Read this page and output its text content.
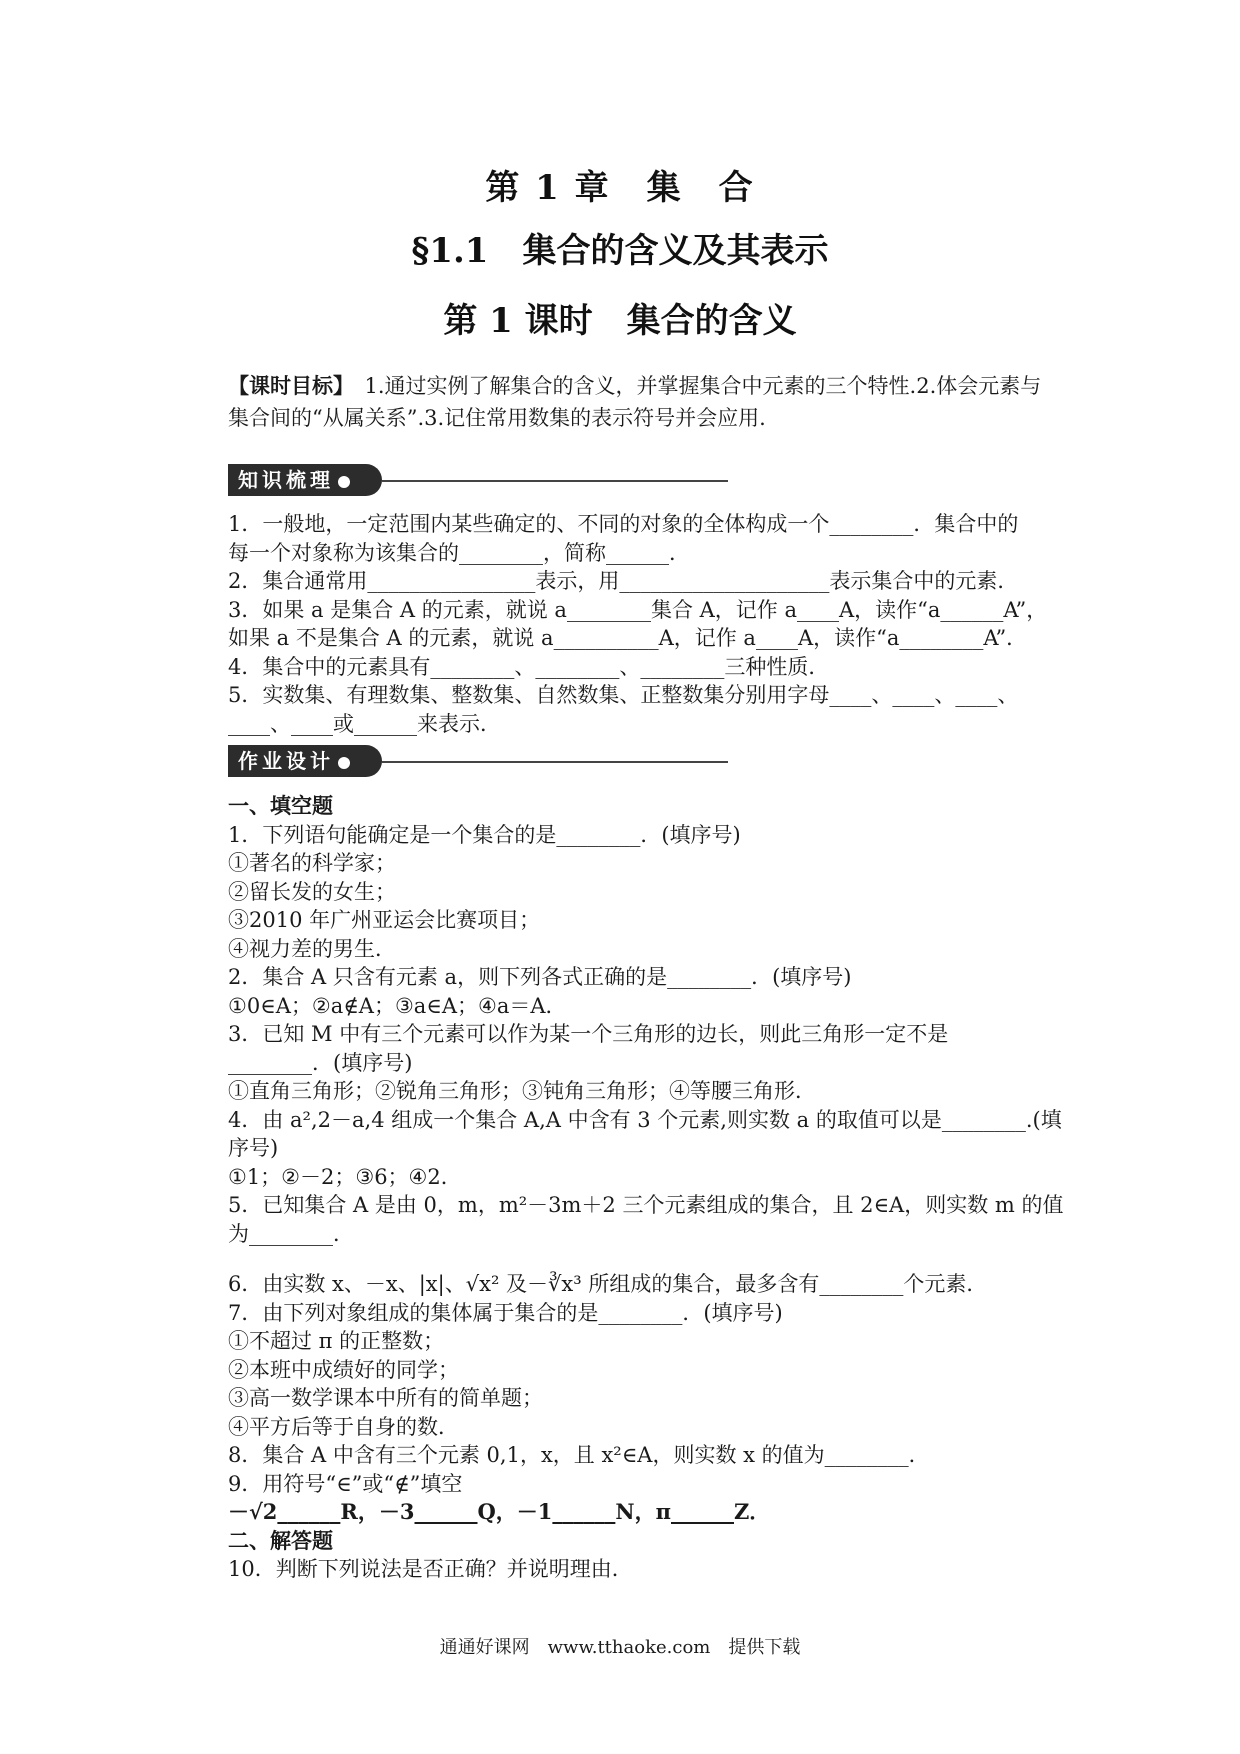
第 1 章　集　合
§1.1　集合的含义及其表示
第 1 课时　集合的含义
【课时目标】　1.通过实例了解集合的含义，并掌握集合中元素的三个特性.2.体会元素与
集合间的“从属关系”.3.记住常用数集的表示符号并会应用.
知识梳理

1．一般地，一定范围内某些确定的、不同的对象的全体构成一个________．集合中的

每一个对象称为该集合的________，简称______．

2．集合通常用________________表示，用____________________表示集合中的元素．

3．如果 a 是集合 A 的元素，就说 a________集合 A，记作 a____A，读作“a______A”，

如果 a 不是集合 A 的元素，就说 a__________A，记作 a____A，读作“a________A”．

4．集合中的元素具有________、________、________三种性质．

5．实数集、有理数集、整数集、自然数集、正整数集分别用字母____、____、____、

____、____或______来表示．

作业设计

一、填空题

1．下列语句能确定是一个集合的是________．(填序号)

①著名的科学家；

②留长发的女生；

③2010 年广州亚运会比赛项目；

④视力差的男生．

2．集合 A 只含有元素 a，则下列各式正确的是________．(填序号)

①0∈A；②a∉A；③a∈A；④a＝A．

3．已知 M 中有三个元素可以作为某一个三角形的边长，则此三角形一定不是

________．(填序号)

①直角三角形；②锐角三角形；③钝角三角形；④等腰三角形．

4．由 a²,2－a,4 组成一个集合 A,A 中含有 3 个元素,则实数 a 的取值可以是________.(填

序号)

①1；②－2；③6；④2．

5．已知集合 A 是由 0，m，m²－3m＋2 三个元素组成的集合，且 2∈A，则实数 m 的值

为________．

6．由实数 x、－x、|x|、√x² 及－∛x³ 所组成的集合，最多含有________个元素．

7．由下列对象组成的集体属于集合的是________．(填序号)

①不超过 π 的正整数；

②本班中成绩好的同学；

③高一数学课本中所有的简单题；

④平方后等于自身的数．

8．集合 A 中含有三个元素 0,1，x，且 x²∈A，则实数 x 的值为________．

9．用符号“∈”或“∉”填空

－√2______R，－3______Q，－1______N，π______Z．

二、解答题

10．判断下列说法是否正确？并说明理由．

通通好课网　www.tthaoke.com　提供下载
